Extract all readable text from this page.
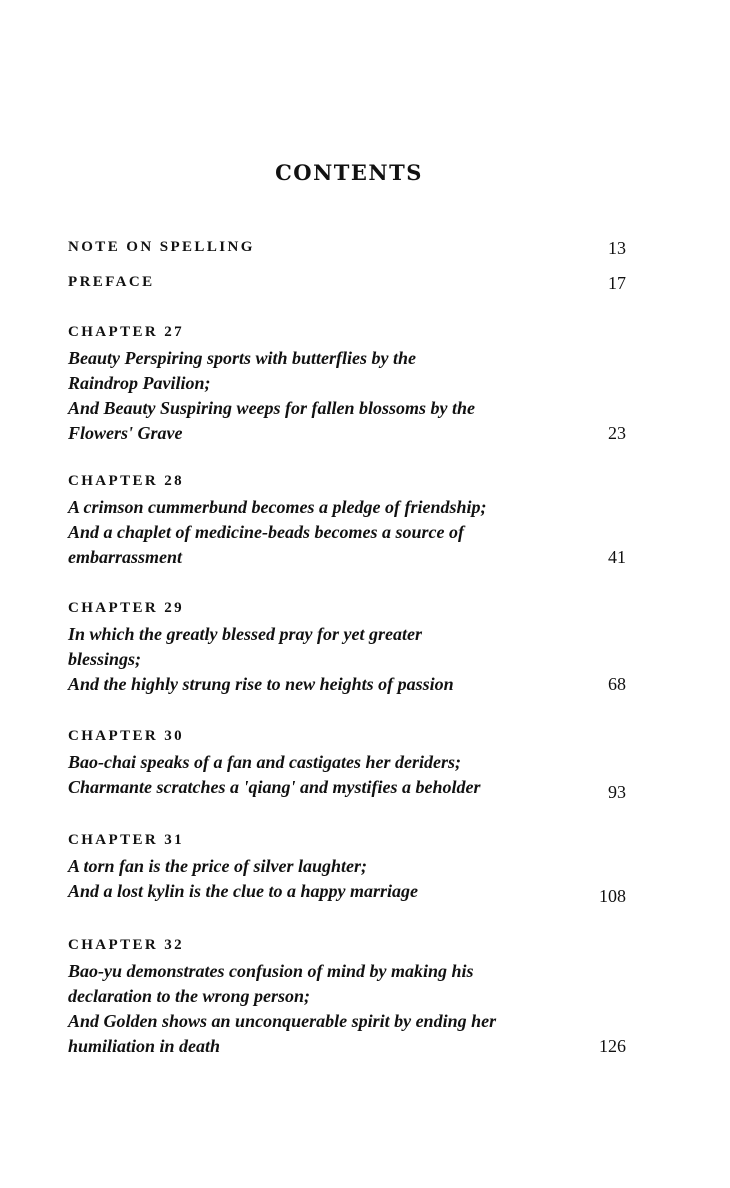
CONTENTS
NOTE ON SPELLING	13
PREFACE	17
CHAPTER 27
Beauty Perspiring sports with butterflies by the
Raindrop Pavilion;
And Beauty Suspiring weeps for fallen blossoms by the
Flowers' Grave	23
CHAPTER 28
A crimson cummerbund becomes a pledge of friendship;
And a chaplet of medicine-beads becomes a source of
embarrassment	41
CHAPTER 29
In which the greatly blessed pray for yet greater
blessings;
And the highly strung rise to new heights of passion	68
CHAPTER 30
Bao-chai speaks of a fan and castigates her deriders;
Charmante scratches a 'qiang' and mystifies a beholder	93
CHAPTER 31
A torn fan is the price of silver laughter;
And a lost kylin is the clue to a happy marriage	108
CHAPTER 32
Bao-yu demonstrates confusion of mind by making his
declaration to the wrong person;
And Golden shows an unconquerable spirit by ending her
humiliation in death	126
